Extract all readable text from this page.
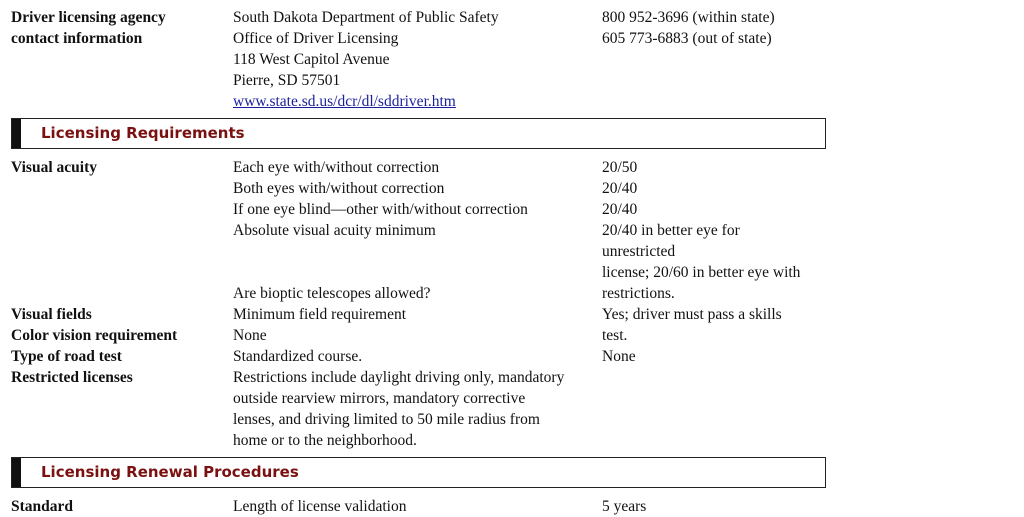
Driver licensing agency
contact information
South Dakota Department of Public Safety
Office of Driver Licensing
118 West Capitol Avenue
Pierre, SD 57501
www.state.sd.us/dcr/dl/sddriver.htm
800 952-3696 (within state)
605 773-6883 (out of state)
Licensing Requirements
Visual acuity
Visual fields
Color vision requirement
Type of road test
Restricted licenses
Each eye with/without correction
Both eyes with/without correction
If one eye blind—other with/without correction
Absolute visual acuity minimum
Are bioptic telescopes allowed?
Minimum field requirement
None
Standardized course.
Restrictions include daylight driving only, mandatory
outside rearview mirrors, mandatory corrective
lenses, and driving limited to 50 mile radius from
home or to the neighborhood.
20/50
20/40
20/40
20/40 in better eye for
unrestricted
license; 20/60 in better eye with
restrictions.
Yes; driver must pass a skills
test.
None
Licensing Renewal Procedures
Standard	Length of license validation	5 years
